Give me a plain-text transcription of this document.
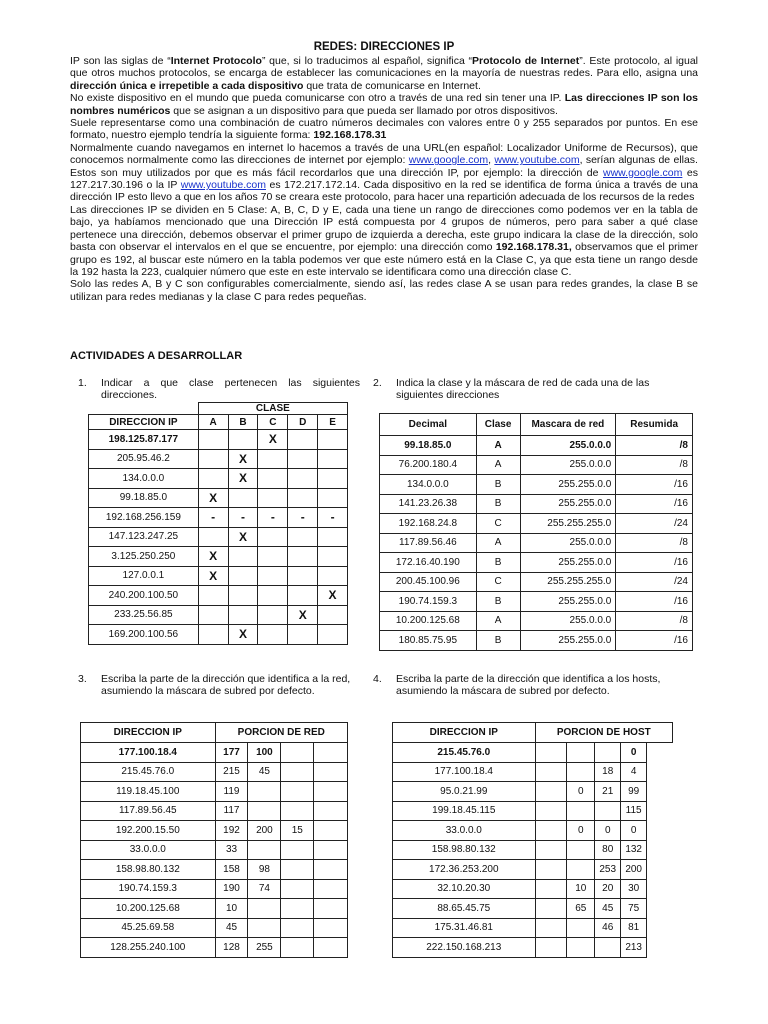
REDES: DIRECCIONES IP

IP son las siglas de “Internet Protocolo” que, si lo traducimos al español, significa “Protocolo de Internet”. Este protocolo, al igual que otros muchos protocolos, se encarga de establecer las comunicaciones en la mayoría de nuestras redes. Para ello, asigna una dirección única e irrepetible a cada dispositivo que trata de comunicarse en Internet.

No existe dispositivo en el mundo que pueda comunicarse con otro a través de una red sin tener una IP. Las direcciones IP son los nombres numéricos que se asignan a un dispositivo para que pueda ser llamado por otros dispositivos.

Suele representarse como una combinación de cuatro números decimales con valores entre 0 y 255 separados por puntos. En ese formato, nuestro ejemplo tendría la siguiente forma: 192.168.178.31

Normalmente cuando navegamos en internet lo hacemos a través de una URL(en español: Localizador Uniforme de Recursos), que conocemos normalmente como las direcciones de internet por ejemplo: www.google.com, www.youtube.com, serían algunas de ellas. Estos son muy utilizados por que es más fácil recordarlos que una dirección IP, por ejemplo: la dirección de www.google.com es 127.217.30.196 o la IP www.youtube.com es 172.217.172.14. Cada dispositivo en la red se identifica de forma única a través de una dirección IP esto llevo a que en los años 70 se creara este protocolo, para hacer una repartición adecuada de los recursos de la redes

Las direcciones IP se dividen en 5 Clase: A, B, C, D y E, cada una tiene un rango de direcciones como podemos ver en la tabla de bajo, ya habíamos mencionado que una Dirección IP está compuesta por 4 grupos de números, pero para saber a qué clase pertenece una dirección, debemos observar el primer grupo de izquierda a derecha, este grupo indicara la clase de la dirección, solo basta con observar el intervalos en el que se encuentre, por ejemplo: una dirección como 192.168.178.31, observamos que el primer grupo es 192, al buscar este número en la tabla podemos ver que este número está en la Clase C, ya que esta tiene un rango desde la 192 hasta la 223, cualquier número que este en este intervalo se identificara como una dirección clase C.

Solo las redes A, B y C son configurables comercialmente, siendo así, las redes clase A se usan para redes grandes, la clase B se utilizan para redes medianas y la clase C para redes pequeñas.

ACTIVIDADES A DESARROLLAR
1. Indicar a que clase pertenecen las siguientes direcciones.
2. Indica la clase y la máscara de red de cada una de las siguientes direcciones
3. Escriba la parte de la dirección que identifica a la red, asumiendo la máscara de subred por defecto.
4. Escriba la parte de la dirección que identifica a los hosts, asumiendo la máscara de subred por defecto.
	CLASE				
DIRECCION IP	A	B	C	D	E
198.125.87.177			X		
205.95.46.2		X			
134.0.0.0		X			
99.18.85.0	X				
192.168.256.159	-	-	-	-	-
147.123.247.25		X			
3.125.250.250	X				
127.0.0.1	X				
240.200.100.50					X
233.25.56.85				X	
169.200.100.56		X			
Decimal	Clase	Mascara de red	Resumida
99.18.85.0	A	255.0.0.0	/8
76.200.180.4	A	255.0.0.0	/8
134.0.0.0	B	255.255.0.0	/16
141.23.26.38	B	255.255.0.0	/16
192.168.24.8	C	255.255.255.0	/24
117.89.56.46	A	255.0.0.0	/8
172.16.40.190	B	255.255.0.0	/16
200.45.100.96	C	255.255.255.0	/24
190.74.159.3	B	255.255.0.0	/16
10.200.125.68	A	255.0.0.0	/8
180.85.75.95	B	255.255.0.0	/16
DIRECCION IP	PORCION DE RED			
177.100.18.4	177	100		
215.45.76.0	215	45		
119.18.45.100	119			
117.89.56.45	117			
192.200.15.50	192	200	15	
33.0.0.0	33			
158.98.80.132	158	98		
190.74.159.3	190	74		
10.200.125.68	10			
45.25.69.58	45			
128.255.240.100	128	255		
DIRECCION IP	PORCION DE HOST			
215.45.76.0				0
177.100.18.4			18	4
95.0.21.99		0	21	99
199.18.45.115				115
33.0.0.0		0	0	0
158.98.80.132			80	132
172.36.253.200			253	200
32.10.20.30		10	20	30
88.65.45.75		65	45	75
175.31.46.81			46	81
222.150.168.213				213
